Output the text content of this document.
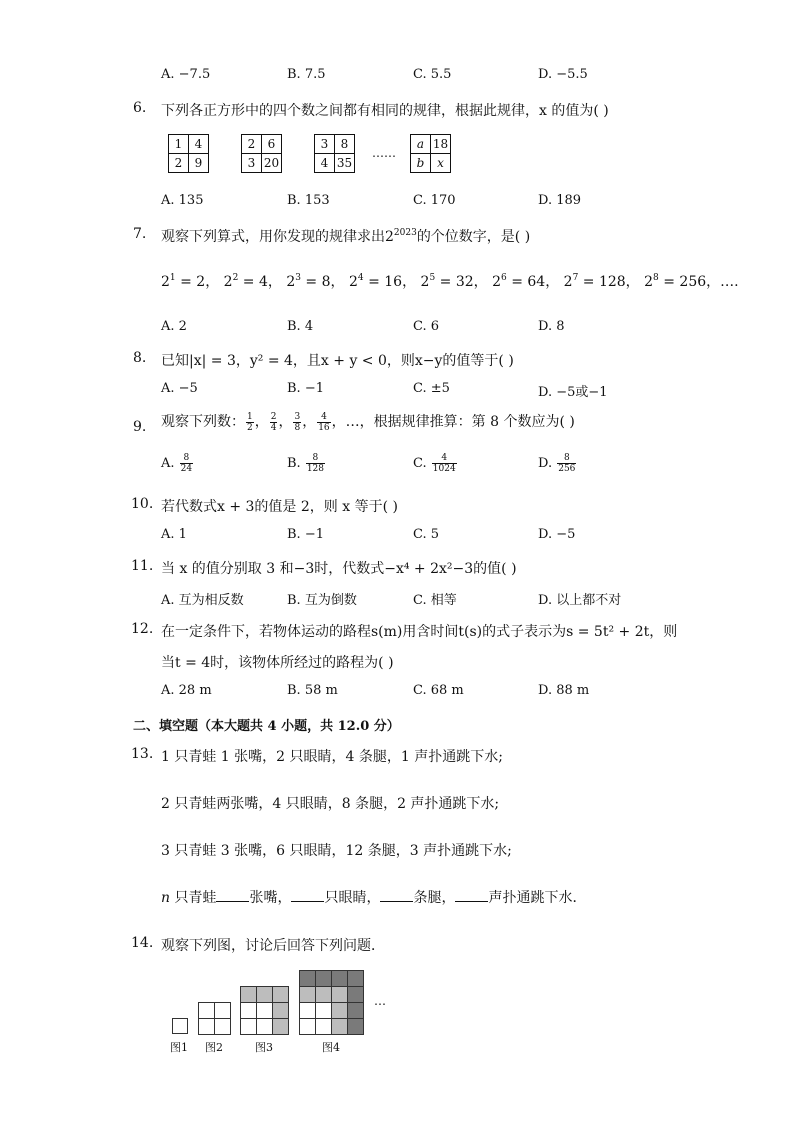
A. −7.5	B. 7.5	C. 5.5	D. −5.5
6.	下列各正方形中的四个数之间都有相同的规律，根据此规律，x 的值为( )
1	4
2	9
2	6
3	20
3	8
4	35
……
a	18
b	x
A. 135	B. 153	C. 170	D. 189
7.	观察下列算式，用你发现的规律求出$2^{2023}$的个位数字，是( )
$2^1 = 2$， $2^2 = 4$， $2^3 = 8$， $2^4 = 16$， $2^5 = 32$， $2^6 = 64$， $2^7 = 128$， $2^8 = 256$，….
A. 2	B. 4	C. 6	D. 8
8.	已知|x| = 3，y² = 4，且x + y < 0，则x−y的值等于( )
A. −5	B. −1	C. ±5	D. −5或−1
9.	观察下列数： $\frac{1}{2}$ ， $\frac{2}{4}$ ， $\frac{3}{8}$ ， $\frac{4}{16}$ ，…，根据规律推算：第 8 个数应为( )
A. $\frac{8}{24}$	B. $\frac{8}{128}$	C. $\frac{4}{1024}$	D. $\frac{8}{256}$
10. 若代数式x + 3的值是 2，则 x 等于( )
A. 1	B. −1	C. 5	D. −5
11. 当 x 的值分别取 3 和−3时，代数式−x⁴ + 2x²−3的值( )
A. 互为相反数	B. 互为倒数	C. 相等	D. 以上都不对
12. 在一定条件下，若物体运动的路程s(m)用含时间t(s)的式子表示为s = 5t² + 2t，则
当t = 4时，该物体所经过的路程为( )
A. 28 m	B. 58 m	C. 68 m	D. 88 m
二、填空题（本大题共 4 小题，共 12.0 分）
13. 1 只青蛙 1 张嘴，2 只眼睛，4 条腿，1 声扑通跳下水;
2 只青蛙两张嘴，4 只眼睛，8 条腿，2 声扑通跳下水;
3 只青蛙 3 张嘴，6 只眼睛，12 条腿，3 声扑通跳下水;
n 只青蛙 张嘴， 只眼睛， 条腿， 声扑通跳下水．
14. 观察下列图，讨论后回答下列问题．
…
图1 图2	图3	图4
